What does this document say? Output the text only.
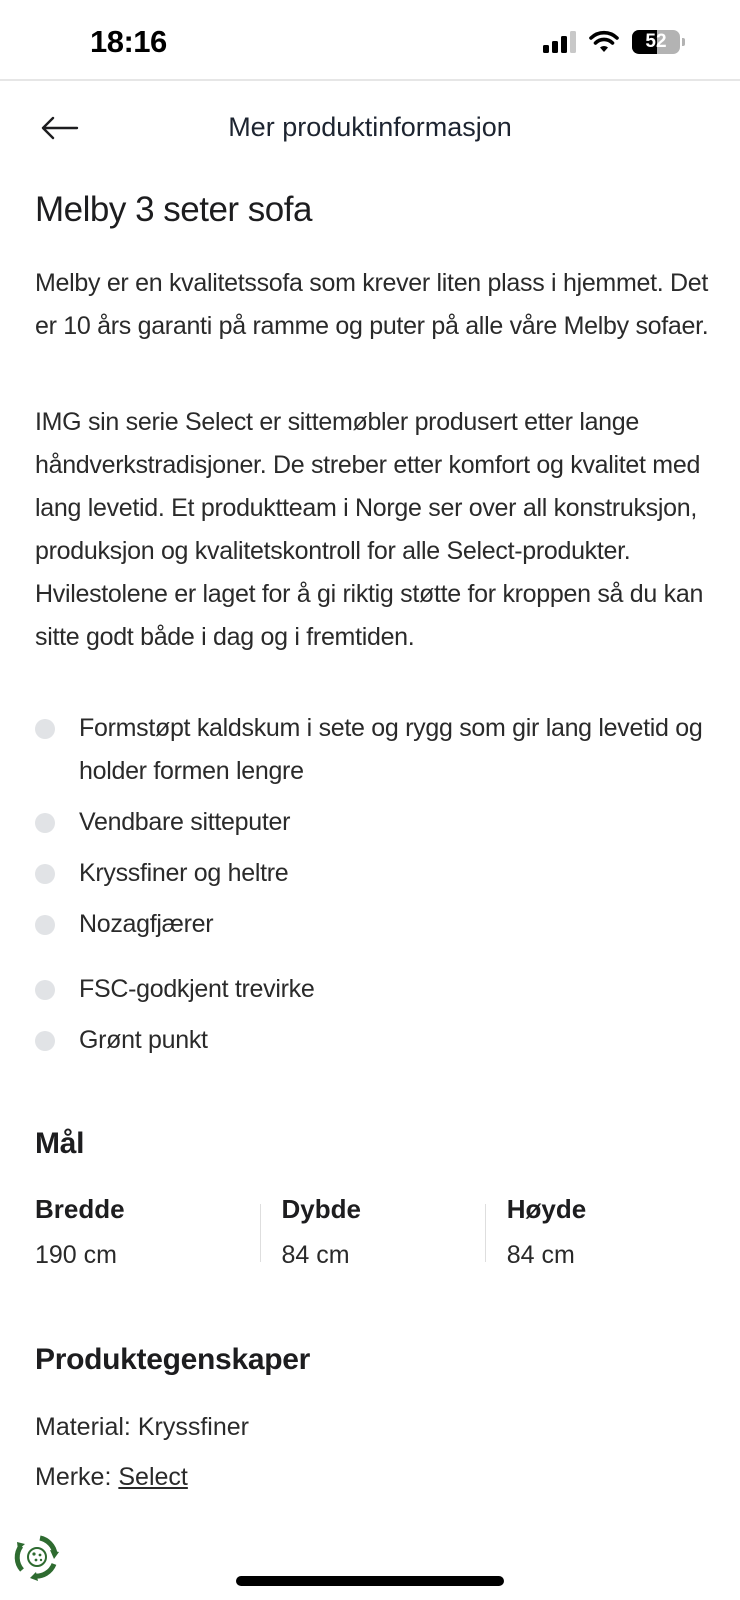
18:16	52
Mer produktinformasjon
Melby 3 seter sofa

Melby er en kvalitetssofa som krever liten plass i hjemmet. Det er 10 års garanti på ramme og puter på alle våre Melby sofaer.

IMG sin serie Select er sittemøbler produsert etter lange håndverkstradisjoner. De streber etter komfort og kvalitet med lang levetid. Et produktteam i Norge ser over all konstruksjon, produksjon og kvalitetskontroll for alle Select-produkter. Hvilestolene er laget for å gi riktig støtte for kroppen så du kan sitte godt både i dag og i fremtiden.

Formstøpt kaldskum i sete og rygg som gir lang levetid og holder formen lengre
Vendbare sitteputer
Kryssfiner og heltre
Nozagfjærer
FSC-godkjent trevirke
Grønt punkt
Mål
Bredde
190 cm
Dybde
84 cm
Høyde
84 cm
Produktegenskaper
Material: Kryssfiner
Merke: Select
